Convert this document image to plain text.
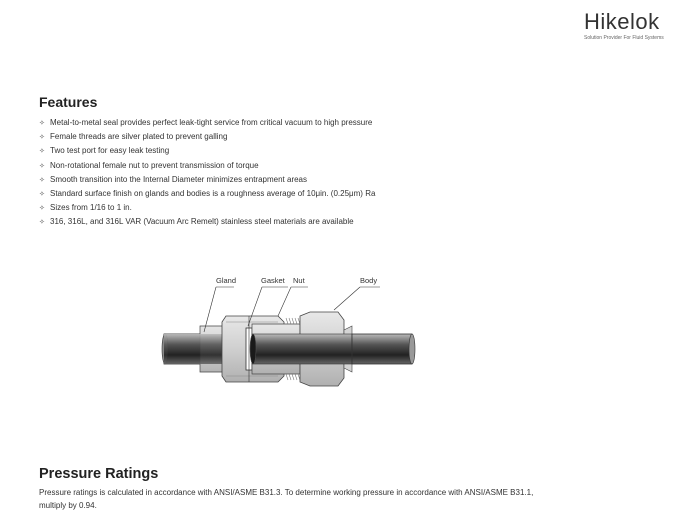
Hikelok
Solution Provider For Fluid Systems
Features
✧ Metal-to-metal seal provides perfect leak-tight service from critical vacuum to high pressure
✧ Female threads are silver plated to prevent galling
✧ Two test port for easy leak testing
✧ Non-rotational female nut to prevent transmission of torque
✧ Smooth transition into the Internal Diameter minimizes entrapment areas
✧ Standard surface finish on glands and bodies is a roughness average of 10μin. (0.25μm) Ra
✧ Sizes from 1/16 to 1 in.
✧ 316, 316L, and 316L VAR (Vacuum Arc Remelt) stainless steel materials are available
Gland	Gasket Nut	Body
Pressure Ratings

Pressure ratings is calculated in accordance with ANSI/ASME B31.3. To determine working pressure in accordance with ANSI/ASME B31.1, multiply by 0.94.
